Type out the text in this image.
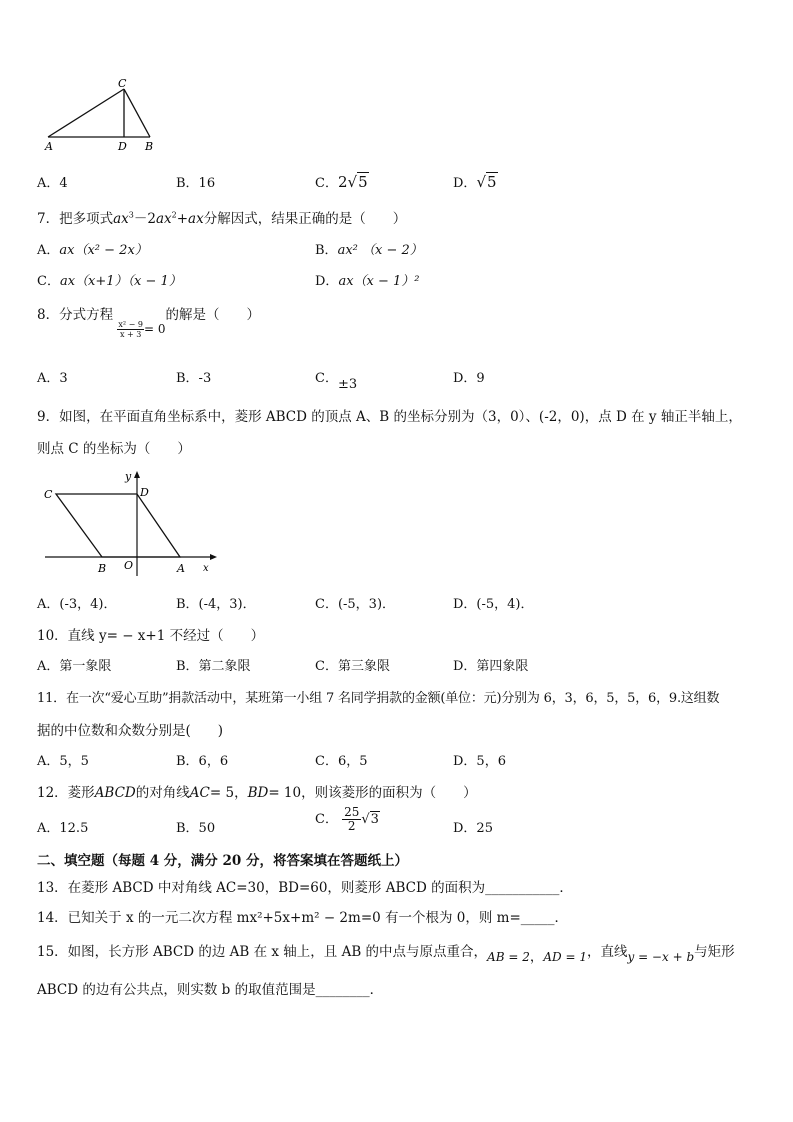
C
A	D B
A．4	B．16	C．2√5	D．√5
7．把多项式$ax^3-2ax^2+ax$分解因式，结果正确的是（　　）
A．ax（x² − 2x）	B．ax² （x − 2）
C．ax（x+1）（x − 1）	D．ax（x − 1）²
8．分式方程
$\frac{\text{x² − 9}}{x + 3} = 0$的解是（　　）
A．3	B．-3	C．±3	D．9
9．如图，在平面直角坐标系中，菱形 ABCD 的顶点 A、B 的坐标分别为（3，0）、(-2，0)，点 D 在 y 轴正半轴上，
则点 C 的坐标为（　　）
C	D
y
B O	A x
A．(-3，4)．	B．(-4，3)．	C．(-5，3)．	D．(-5，4)．
10．直线 y= − x+1 不经过（　　）
A．第一象限	B．第二象限	C．第三象限	D．第四象限
11．在一次“爱心互助”捐款活动中，某班第一小组 7 名同学捐款的金额(单位：元)分别为 6，3，6，5，5，6，9.这组数
据的中位数和众数分别是(　　)
A．5，5	B．6，6	C．6，5	D．5，6
12．菱形ABCD的对角线AC= 5，BD= 10，则该菱形的面积为（　　）
A．12.5	B．50
C． $\frac{25}{2} √3$
D．25
二、填空题（每题 4 分，满分 20 分，将答案填在答题纸上）
13．在菱形 ABCD 中对角线 AC=30，BD=60，则菱形 ABCD 的面积为___________．
14．已知关于 x 的一元二次方程 mx²+5x+m² − 2m=0 有一个根为 0，则 m=_____．
15．如图，长方形 ABCD 的边 AB 在 x 轴上，且 AB 的中点与原点重合，AB = 2，AD = 1，直线y = −x + b与矩形
ABCD 的边有公共点，则实数 b 的取值范围是________．
